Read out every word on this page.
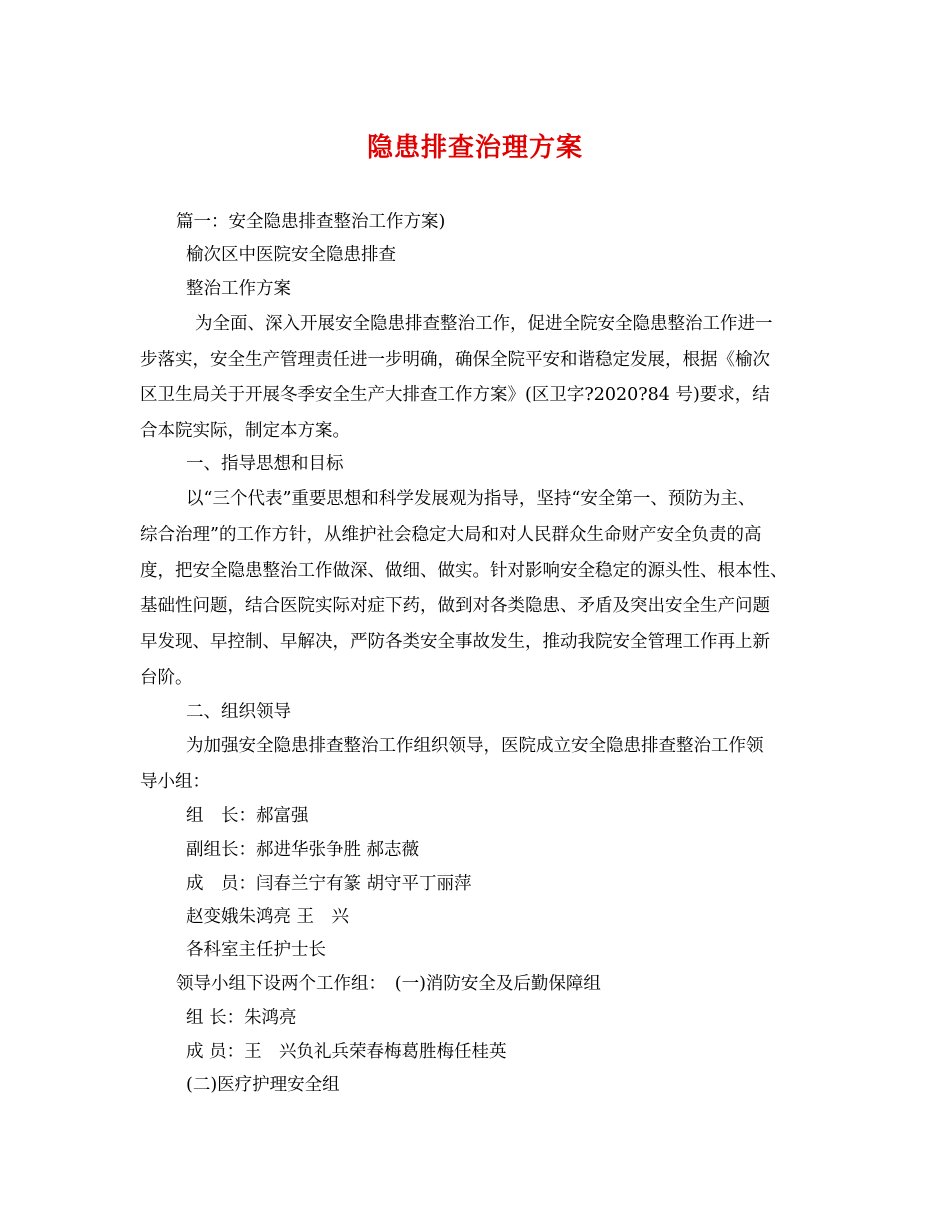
隐患排查治理方案
篇一：安全隐患排查整治工作方案)
榆次区中医院安全隐患排查
整治工作方案
为全面、深入开展安全隐患排查整治工作，促进全院安全隐患整治工作进一
步落实，安全生产管理责任进一步明确，确保全院平安和谐稳定发展，根据《榆次
区卫生局关于开展冬季安全生产大排查工作方案》(区卫字?2020?84 号)要求，结
合本院实际，制定本方案。
一、指导思想和目标
以“三个代表”重要思想和科学发展观为指导，坚持“安全第一、预防为主、
综合治理”的工作方针，从维护社会稳定大局和对人民群众生命财产安全负责的高
度，把安全隐患整治工作做深、做细、做实。针对影响安全稳定的源头性、根本性、
基础性问题，结合医院实际对症下药，做到对各类隐患、矛盾及突出安全生产问题
早发现、早控制、早解决，严防各类安全事故发生，推动我院安全管理工作再上新
台阶。
二、组织领导
为加强安全隐患排查整治工作组织领导，医院成立安全隐患排查整治工作领
导小组：
组　长：郝富强
副组长：郝进华张争胜 郝志薇
成　员：闫春兰宁有篆 胡守平丁丽萍
赵变娥朱鸿亮 王　兴
各科室主任护士长
领导小组下设两个工作组：　(一)消防安全及后勤保障组
组 长：朱鸿亮
成 员：王　兴负礼兵荣春梅葛胜梅任桂英
(二)医疗护理安全组
